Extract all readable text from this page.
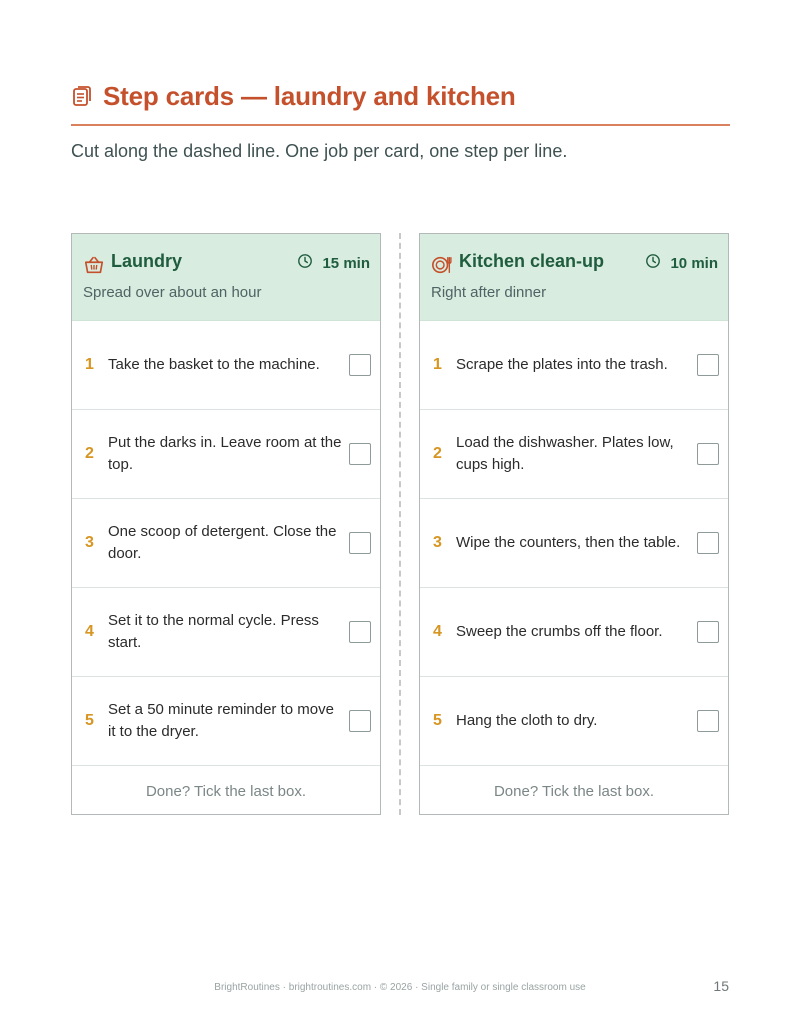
Step cards — laundry and kitchen
Cut along the dashed line. One job per card, one step per line.
Laundry	15 min
Spread over about an hour
1 Take the basket to the machine.
2
Put the darks in. Leave room at the top.
3
One scoop of detergent. Close the door.
4
Set it to the normal cycle. Press start.
5
Set a 50 minute reminder to move it to the dryer.
Done? Tick the last box.
Kitchen clean-up	10 min
Right after dinner
1 Scrape the plates into the trash.
2
Load the dishwasher. Plates low, cups high.
3 Wipe the counters, then the table.
4 Sweep the crumbs off the floor.
5 Hang the cloth to dry.
Done? Tick the last box.
BrightRoutines · brightroutines.com · © 2026 · Single family or single classroom use	15
